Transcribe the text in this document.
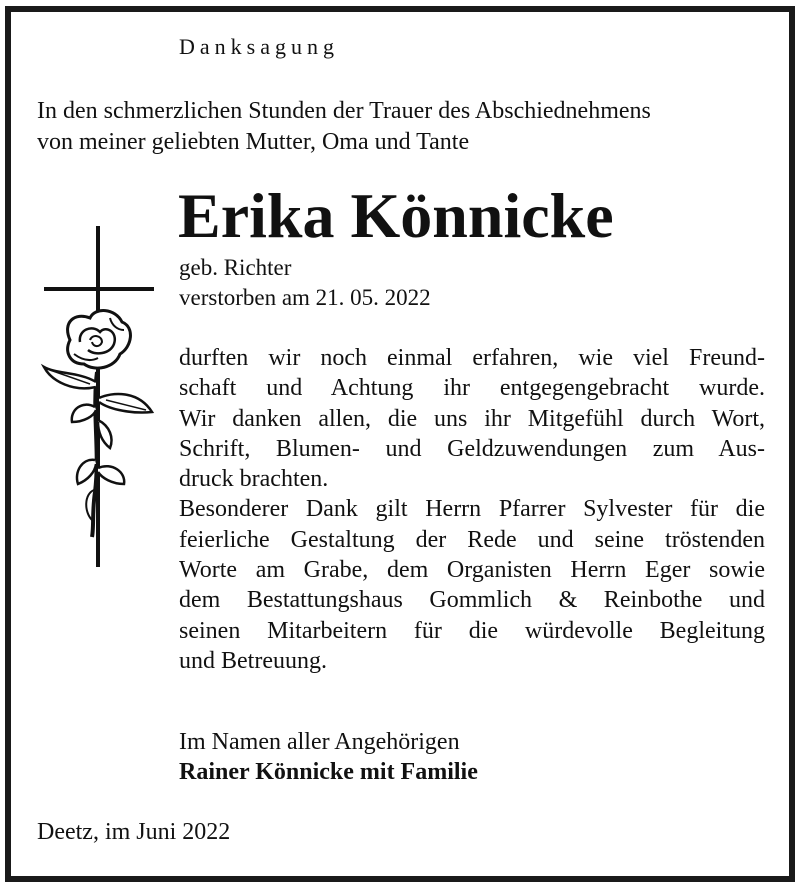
Danksagung
In den schmerzlichen Stunden der Trauer des Abschiednehmens
von meiner geliebten Mutter, Oma und Tante
Erika Könnicke
geb. Richter
verstorben am 21. 05. 2022
durften wir noch einmal erfahren, wie viel Freund-
schaft und Achtung ihr entgegengebracht wurde.
Wir danken allen, die uns ihr Mitgefühl durch Wort,
Schrift, Blumen- und Geldzuwendungen zum Aus-
druck brachten.
Besonderer Dank gilt Herrn Pfarrer Sylvester für die
feierliche Gestaltung der Rede und seine tröstenden
Worte am Grabe, dem Organisten Herrn Eger sowie
dem Bestattungshaus Gommlich & Reinbothe und
seinen Mitarbeitern für die würdevolle Begleitung
und Betreuung.
Im Namen aller Angehörigen
Rainer Könnicke mit Familie
Deetz, im Juni 2022
